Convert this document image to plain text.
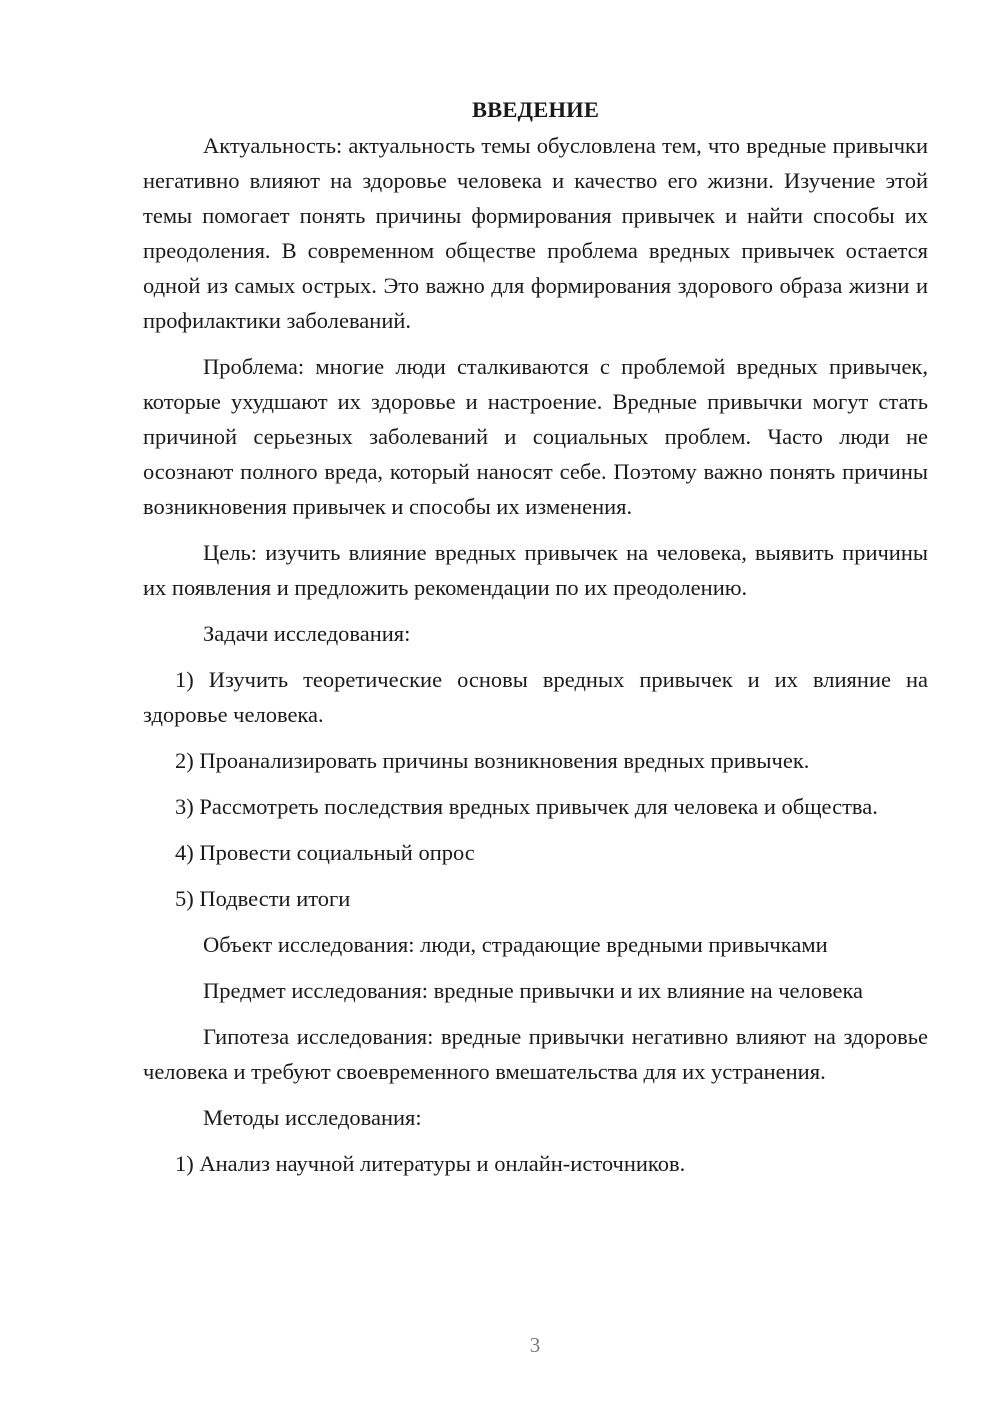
ВВЕДЕНИЕ

Актуальность: актуальность темы обусловлена тем, что вредные привычки негативно влияют на здоровье человека и качество его жизни. Изучение этой темы помогает понять причины формирования привычек и найти способы их преодоления. В современном обществе проблема вредных привычек остается одной из самых острых. Это важно для формирования здорового образа жизни и профилактики заболеваний.

Проблема: многие люди сталкиваются с проблемой вредных привычек, которые ухудшают их здоровье и настроение. Вредные привычки могут стать причиной серьезных заболеваний и социальных проблем. Часто люди не осознают полного вреда, который наносят себе. Поэтому важно понять причины возникновения привычек и способы их изменения.

Цель: изучить влияние вредных привычек на человека, выявить причины их появления и предложить рекомендации по их преодолению.

Задачи исследования:

1) Изучить теоретические основы вредных привычек и их влияние на здоровье человека.

2) Проанализировать причины возникновения вредных привычек.

3) Рассмотреть последствия вредных привычек для человека и общества.

4) Провести социальный опрос

5) Подвести итоги

Объект исследования: люди, страдающие вредными привычками

Предмет исследования: вредные привычки и их влияние на человека

Гипотеза исследования: вредные привычки негативно влияют на здоровье человека и требуют своевременного вмешательства для их устранения.

Методы исследования:

1) Анализ научной литературы и онлайн-источников.

3
